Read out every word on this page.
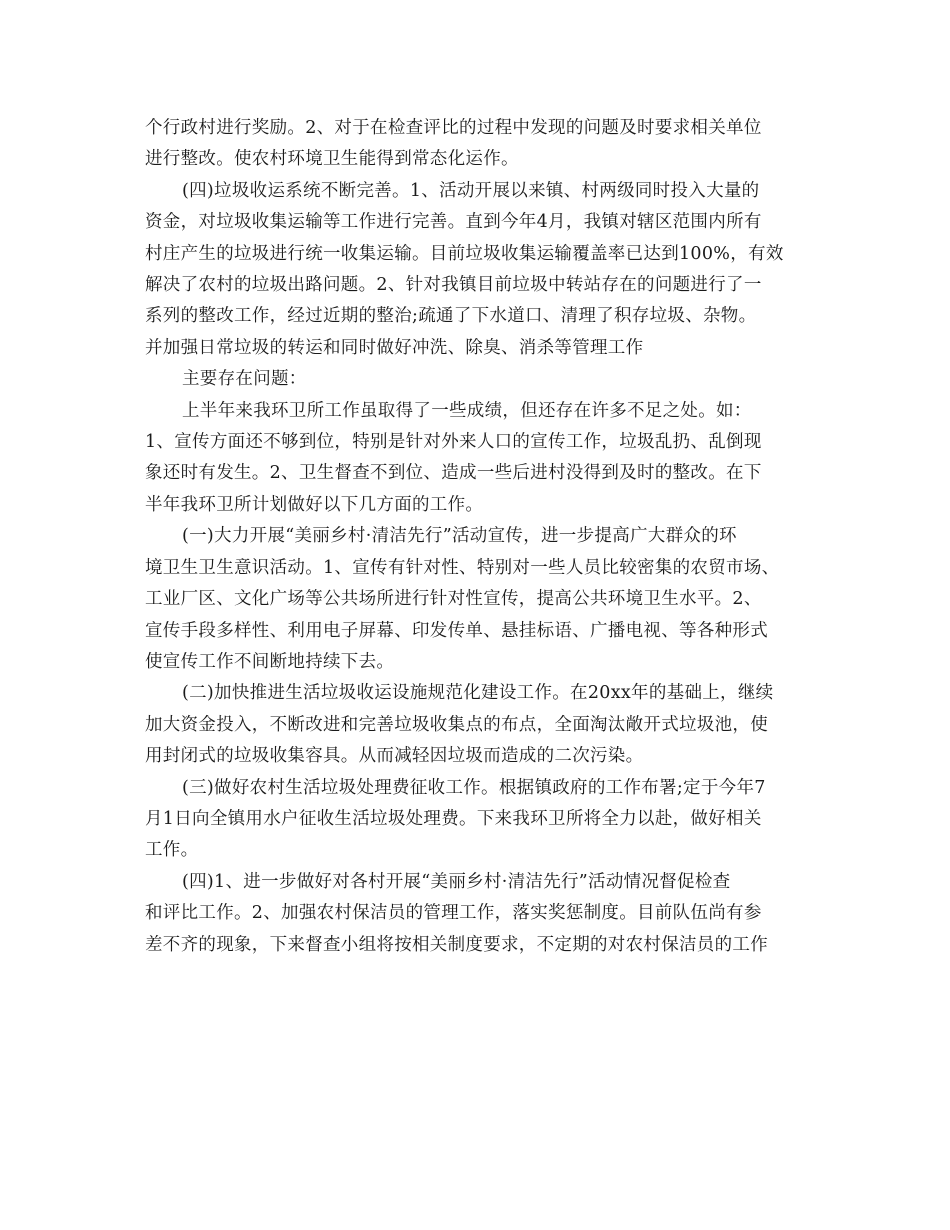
个行政村进行奖励。2、对于在检查评比的过程中发现的问题及时要求相关单位
进行整改。使农村环境卫生能得到常态化运作。
(四)垃圾收运系统不断完善。1、活动开展以来镇、村两级同时投入大量的
资金，对垃圾收集运输等工作进行完善。直到今年4月，我镇对辖区范围内所有
村庄产生的垃圾进行统一收集运输。目前垃圾收集运输覆盖率已达到100%，有效
解决了农村的垃圾出路问题。2、针对我镇目前垃圾中转站存在的问题进行了一
系列的整改工作，经过近期的整治;疏通了下水道口、清理了积存垃圾、杂物。
并加强日常垃圾的转运和同时做好冲洗、除臭、消杀等管理工作
主要存在问题：
上半年来我环卫所工作虽取得了一些成绩，但还存在许多不足之处。如：
1、宣传方面还不够到位，特别是针对外来人口的宣传工作，垃圾乱扔、乱倒现
象还时有发生。2、卫生督查不到位、造成一些后进村没得到及时的整改。在下
半年我环卫所计划做好以下几方面的工作。
(一)大力开展“美丽乡村·清洁先行”活动宣传，进一步提高广大群众的环
境卫生卫生意识活动。1、宣传有针对性、特别对一些人员比较密集的农贸市场、
工业厂区、文化广场等公共场所进行针对性宣传，提高公共环境卫生水平。2、
宣传手段多样性、利用电子屏幕、印发传单、悬挂标语、广播电视、等各种形式
使宣传工作不间断地持续下去。
(二)加快推进生活垃圾收运设施规范化建设工作。在20xx年的基础上，继续
加大资金投入，不断改进和完善垃圾收集点的布点，全面淘汰敞开式垃圾池，使
用封闭式的垃圾收集容具。从而减轻因垃圾而造成的二次污染。
(三)做好农村生活垃圾处理费征收工作。根据镇政府的工作布署;定于今年7
月1日向全镇用水户征收生活垃圾处理费。下来我环卫所将全力以赴，做好相关
工作。
(四)1、进一步做好对各村开展“美丽乡村·清洁先行”活动情况督促检查
和评比工作。2、加强农村保洁员的管理工作，落实奖惩制度。目前队伍尚有参
差不齐的现象，下来督查小组将按相关制度要求，不定期的对农村保洁员的工作
